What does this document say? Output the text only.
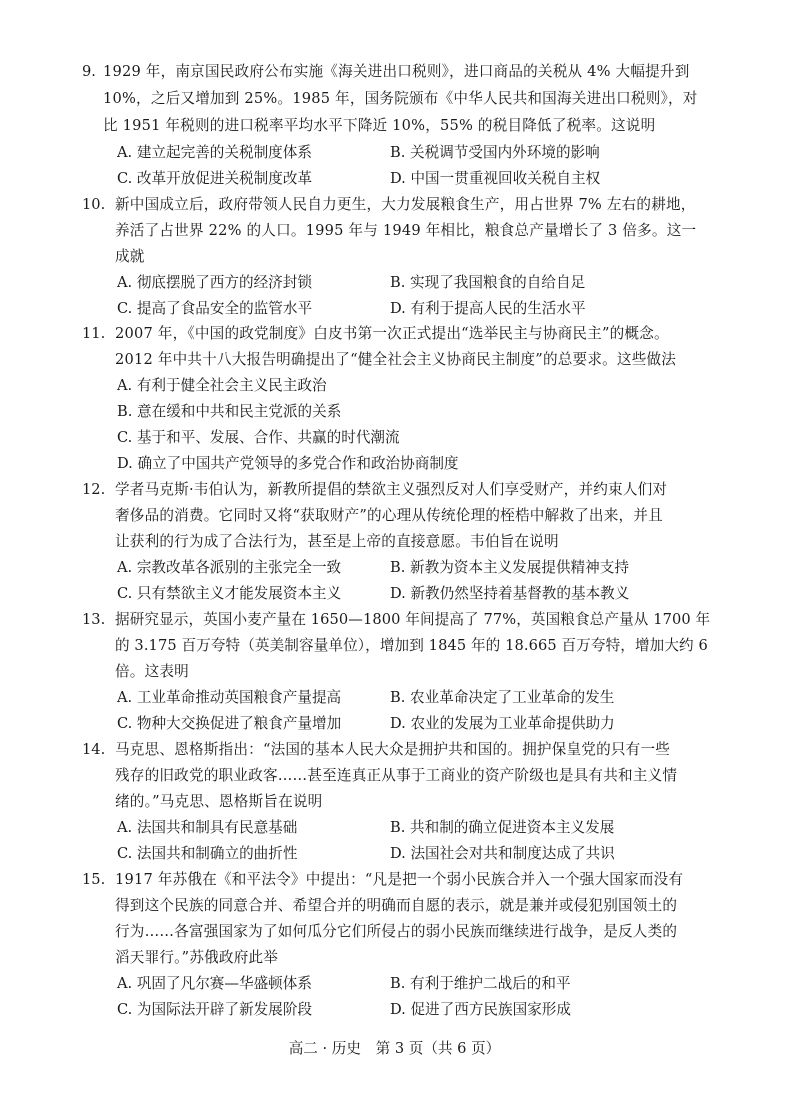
9. 1929 年，南京国民政府公布实施《海关进出口税则》，进口商品的关税从 4% 大幅提升到
10%，之后又增加到 25%。1985 年，国务院颁布《中华人民共和国海关进出口税则》，对
比 1951 年税则的进口税率平均水平下降近 10%，55% 的税目降低了税率。这说明
A. 建立起完善的关税制度体系	B. 关税调节受国内外环境的影响
C. 改革开放促进关税制度改革	D. 中国一贯重视回收关税自主权
10. 新中国成立后，政府带领人民自力更生，大力发展粮食生产，用占世界 7% 左右的耕地，
养活了占世界 22% 的人口。1995 年与 1949 年相比，粮食总产量增长了 3 倍多。这一
成就
A. 彻底摆脱了西方的经济封锁	B. 实现了我国粮食的自给自足
C. 提高了食品安全的监管水平	D. 有利于提高人民的生活水平
11. 2007 年，《中国的政党制度》白皮书第一次正式提出“选举民主与协商民主”的概念。
2012 年中共十八大报告明确提出了“健全社会主义协商民主制度”的总要求。这些做法
A. 有利于健全社会主义民主政治
B. 意在缓和中共和民主党派的关系
C. 基于和平、发展、合作、共赢的时代潮流
D. 确立了中国共产党领导的多党合作和政治协商制度
12. 学者马克斯·韦伯认为，新教所提倡的禁欲主义强烈反对人们享受财产，并约束人们对
奢侈品的消费。它同时又将“获取财产”的心理从传统伦理的桎梏中解救了出来，并且
让获利的行为成了合法行为，甚至是上帝的直接意愿。韦伯旨在说明
A. 宗教改革各派别的主张完全一致	B. 新教为资本主义发展提供精神支持
C. 只有禁欲主义才能发展资本主义	D. 新教仍然坚持着基督教的基本教义
13. 据研究显示，英国小麦产量在 1650—1800 年间提高了 77%，英国粮食总产量从 1700 年
的 3.175 百万夸特（英美制容量单位），增加到 1845 年的 18.665 百万夸特，增加大约 6
倍。这表明
A. 工业革命推动英国粮食产量提高	B. 农业革命决定了工业革命的发生
C. 物种大交换促进了粮食产量增加	D. 农业的发展为工业革命提供助力
14. 马克思、恩格斯指出：“法国的基本人民大众是拥护共和国的。拥护保皇党的只有一些
残存的旧政党的职业政客……甚至连真正从事于工商业的资产阶级也是具有共和主义情
绪的。”马克思、恩格斯旨在说明
A. 法国共和制具有民意基础	B. 共和制的确立促进资本主义发展
C. 法国共和制确立的曲折性	D. 法国社会对共和制度达成了共识
15. 1917 年苏俄在《和平法令》中提出：“凡是把一个弱小民族合并入一个强大国家而没有
得到这个民族的同意合并、希望合并的明确而自愿的表示，就是兼并或侵犯别国领土的
行为……各富强国家为了如何瓜分它们所侵占的弱小民族而继续进行战争，是反人类的
滔天罪行。”苏俄政府此举
A. 巩固了凡尔赛—华盛顿体系	B. 有利于维护二战后的和平
C. 为国际法开辟了新发展阶段	D. 促进了西方民族国家形成
高二 · 历史　第 3 页（共 6 页）
